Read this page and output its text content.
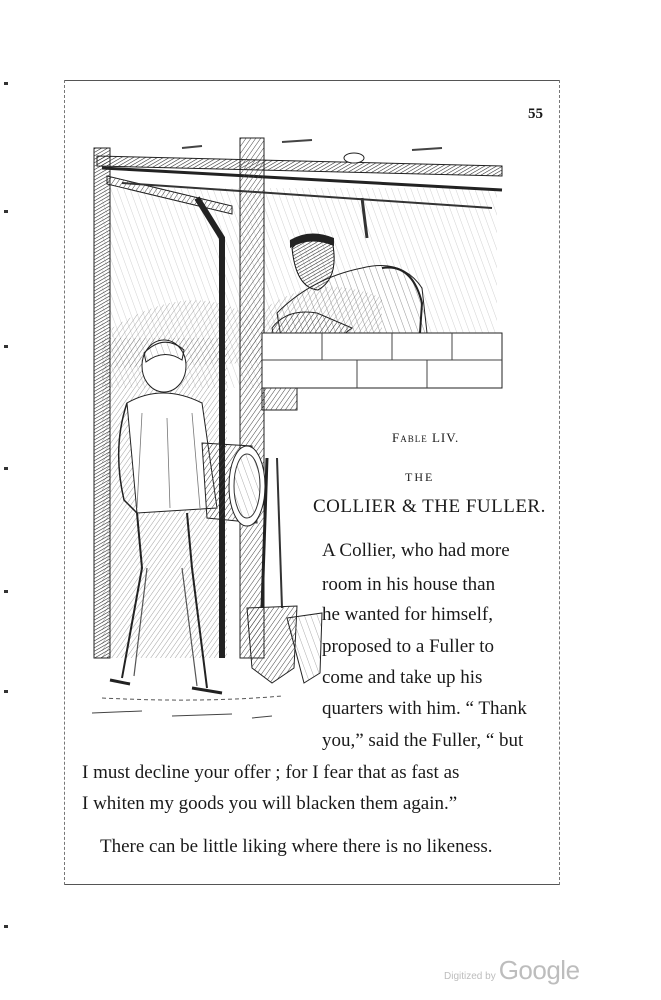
55
Fable LIV.
THE
COLLIER & THE FULLER.
A Collier, who had more
room in his house than
he wanted for himself,
proposed to a Fuller to
come and take up his
quarters with him. “ Thank
you,” said the Fuller, “ but
I must decline your offer ; for I fear that as fast as
I whiten my goods you will blacken them again.”
There can be little liking where there is no likeness.
Digitized by Google
